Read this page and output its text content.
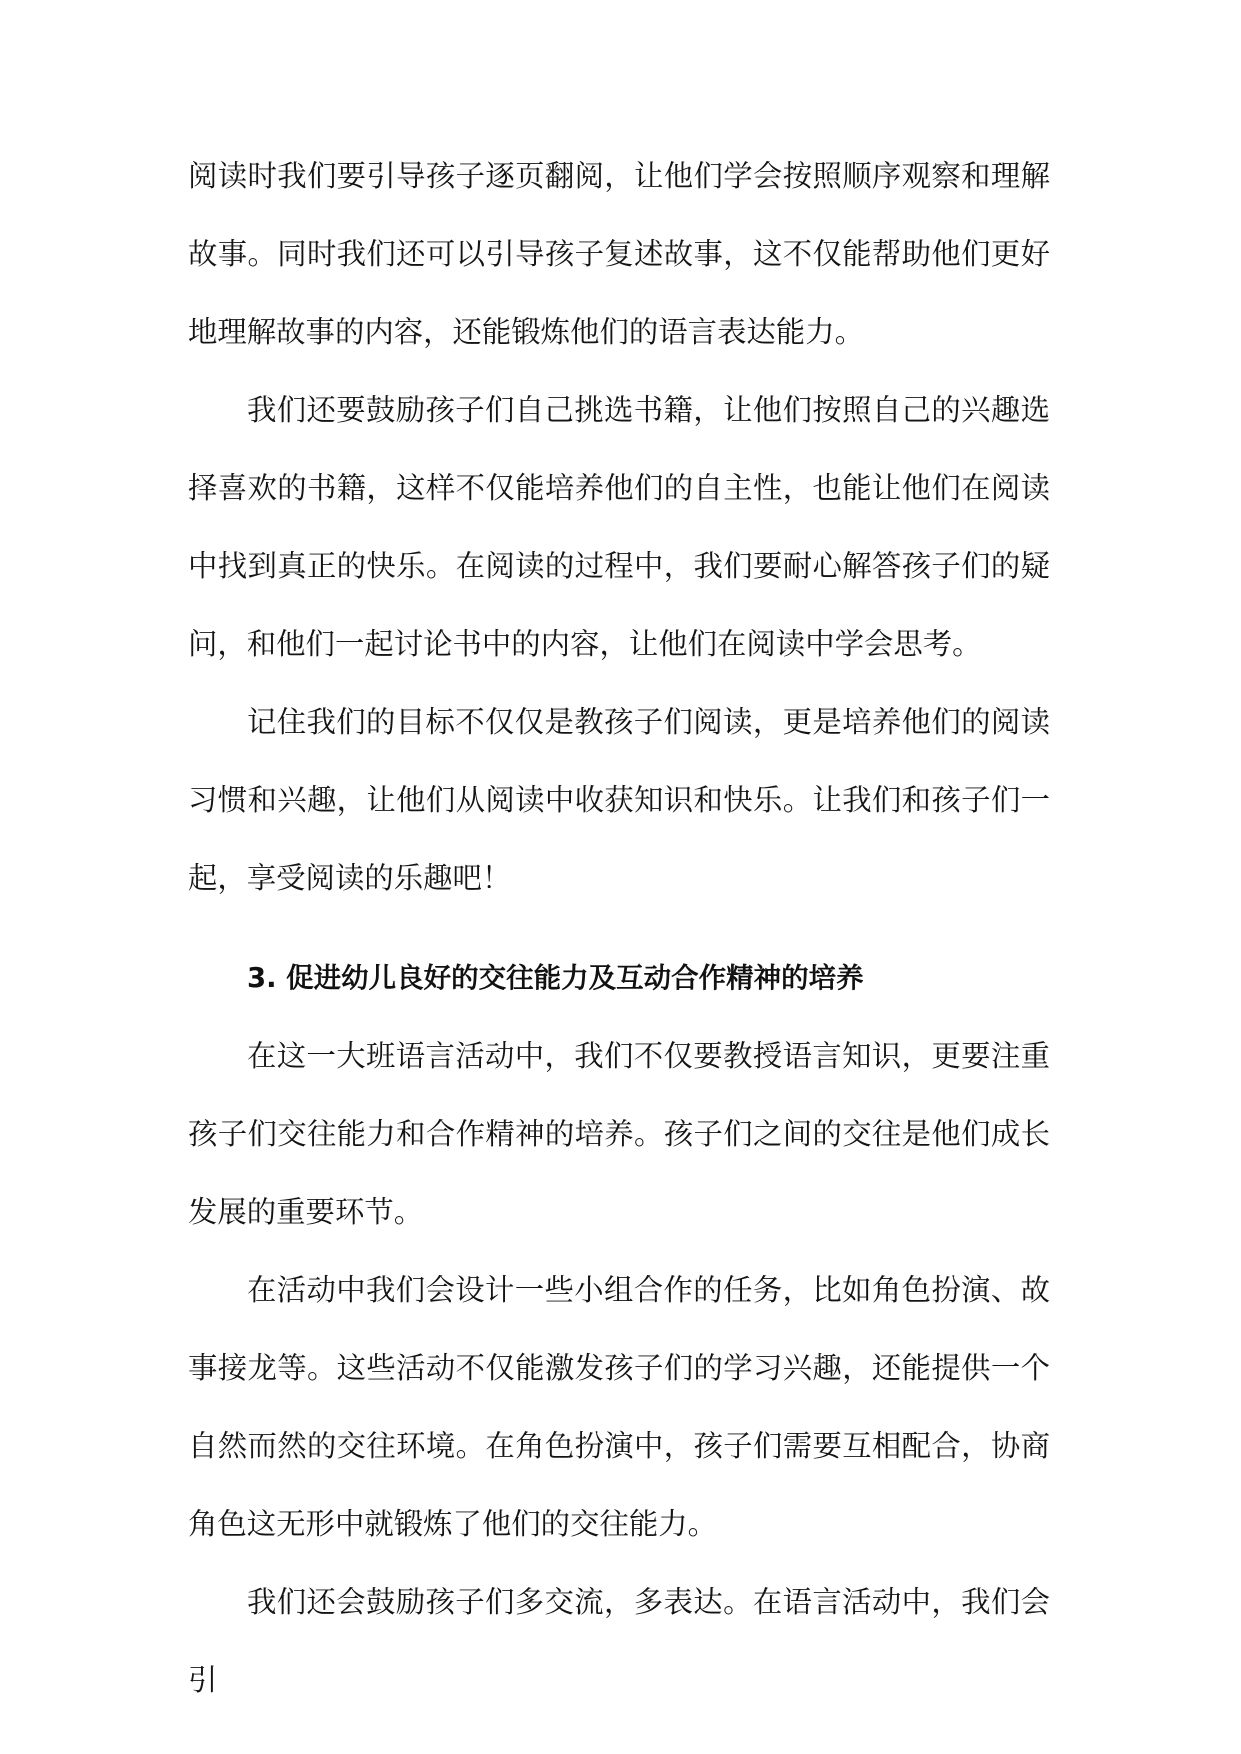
阅读时我们要引导孩子逐页翻阅，让他们学会按照顺序观察和理解故事。同时我们还可以引导孩子复述故事，这不仅能帮助他们更好地理解故事的内容，还能锻炼他们的语言表达能力。

我们还要鼓励孩子们自己挑选书籍，让他们按照自己的兴趣选择喜欢的书籍，这样不仅能培养他们的自主性，也能让他们在阅读中找到真正的快乐。在阅读的过程中，我们要耐心解答孩子们的疑问，和他们一起讨论书中的内容，让他们在阅读中学会思考。

记住我们的目标不仅仅是教孩子们阅读，更是培养他们的阅读习惯和兴趣，让他们从阅读中收获知识和快乐。让我们和孩子们一起，享受阅读的乐趣吧！

3. 促进幼儿良好的交往能力及互动合作精神的培养

在这一大班语言活动中，我们不仅要教授语言知识，更要注重孩子们交往能力和合作精神的培养。孩子们之间的交往是他们成长发展的重要环节。

在活动中我们会设计一些小组合作的任务，比如角色扮演、故事接龙等。这些活动不仅能激发孩子们的学习兴趣，还能提供一个自然而然的交往环境。在角色扮演中，孩子们需要互相配合，协商角色这无形中就锻炼了他们的交往能力。

我们还会鼓励孩子们多交流，多表达。在语言活动中，我们会引
